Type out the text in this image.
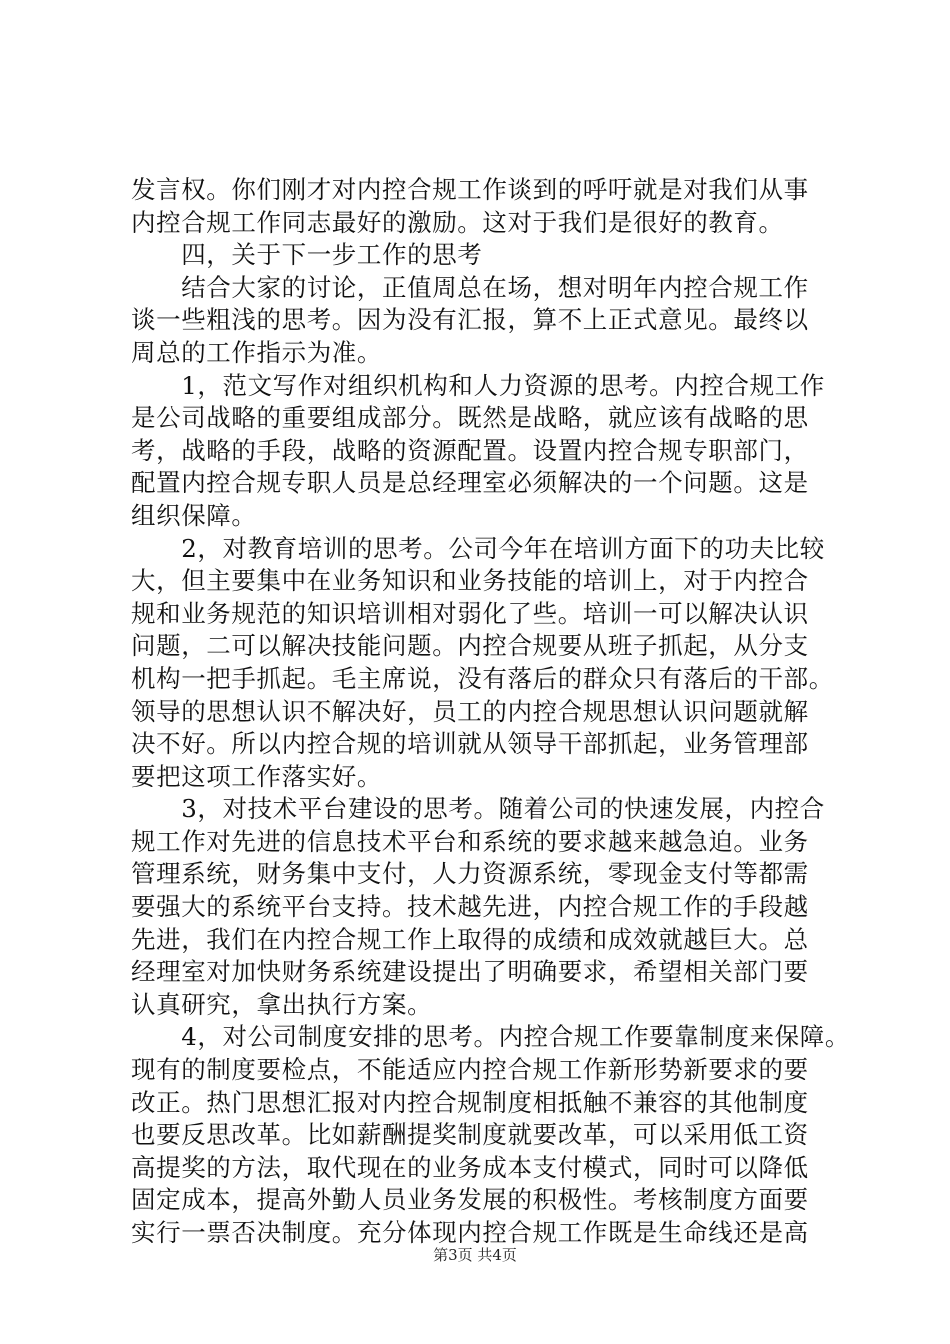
发言权。你们刚才对内控合规工作谈到的呼吁就是对我们从事
内控合规工作同志最好的激励。这对于我们是很好的教育。
　　四，关于下一步工作的思考
　　结合大家的讨论，正值周总在场，想对明年内控合规工作
谈一些粗浅的思考。因为没有汇报，算不上正式意见。最终以
周总的工作指示为准。
　　1，范文写作对组织机构和人力资源的思考。内控合规工作
是公司战略的重要组成部分。既然是战略，就应该有战略的思
考，战略的手段，战略的资源配置。设置内控合规专职部门，
配置内控合规专职人员是总经理室必须解决的一个问题。这是
组织保障。
　　2，对教育培训的思考。公司今年在培训方面下的功夫比较
大，但主要集中在业务知识和业务技能的培训上，对于内控合
规和业务规范的知识培训相对弱化了些。培训一可以解决认识
问题，二可以解决技能问题。内控合规要从班子抓起，从分支
机构一把手抓起。毛主席说，没有落后的群众只有落后的干部。
领导的思想认识不解决好，员工的内控合规思想认识问题就解
决不好。所以内控合规的培训就从领导干部抓起，业务管理部
要把这项工作落实好。
　　3，对技术平台建设的思考。随着公司的快速发展，内控合
规工作对先进的信息技术平台和系统的要求越来越急迫。业务
管理系统，财务集中支付，人力资源系统，零现金支付等都需
要强大的系统平台支持。技术越先进，内控合规工作的手段越
先进，我们在内控合规工作上取得的成绩和成效就越巨大。总
经理室对加快财务系统建设提出了明确要求，希望相关部门要
认真研究，拿出执行方案。
　　4，对公司制度安排的思考。内控合规工作要靠制度来保障。
现有的制度要检点，不能适应内控合规工作新形势新要求的要
改正。热门思想汇报对内控合规制度相抵触不兼容的其他制度
也要反思改革。比如薪酬提奖制度就要改革，可以采用低工资
高提奖的方法，取代现在的业务成本支付模式，同时可以降低
固定成本，提高外勤人员业务发展的积极性。考核制度方面要
实行一票否决制度。充分体现内控合规工作既是生命线还是高
第3页 共4页
